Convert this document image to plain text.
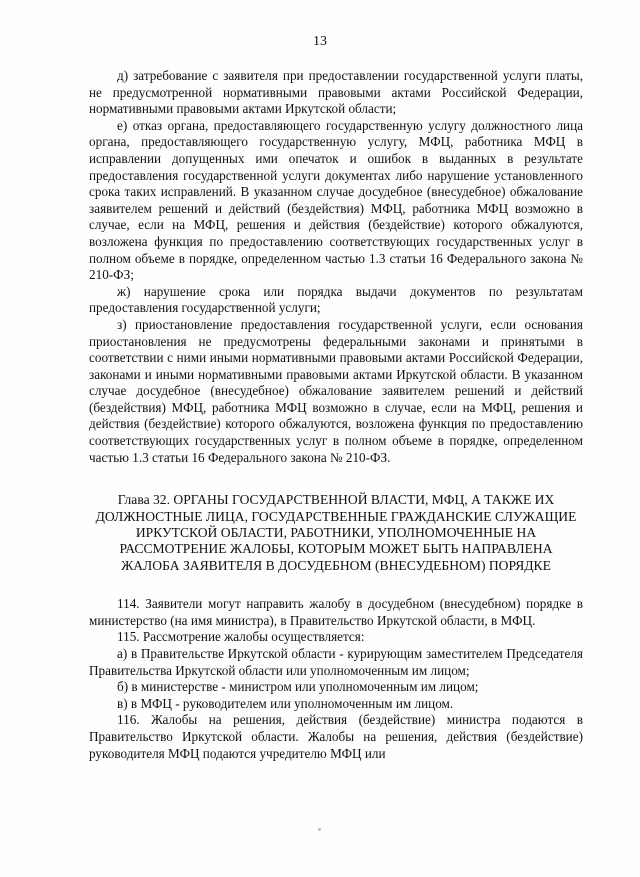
13

д) затребование с заявителя при предоставлении государственной услуги платы, не предусмотренной нормативными правовыми актами Российской Федерации, нормативными правовыми актами Иркутской области;

е) отказ органа, предоставляющего государственную услугу должностного лица органа, предоставляющего государственную услугу, МФЦ, работника МФЦ в исправлении допущенных ими опечаток и ошибок в выданных в результате предоставления государственной услуги документах либо нарушение установленного срока таких исправлений. В указанном случае досудебное (внесудебное) обжалование заявителем решений и действий (бездействия) МФЦ, работника МФЦ возможно в случае, если на МФЦ, решения и действия (бездействие) которого обжалуются, возложена функция по предоставлению соответствующих государственных услуг в полном объеме в порядке, определенном частью 1.3 статьи 16 Федерального закона № 210-ФЗ;

ж) нарушение срока или порядка выдачи документов по результатам предоставления государственной услуги;

з) приостановление предоставления государственной услуги, если основания приостановления не предусмотрены федеральными законами и принятыми в соответствии с ними иными нормативными правовыми актами Российской Федерации, законами и иными нормативными правовыми актами Иркутской области. В указанном случае досудебное (внесудебное) обжалование заявителем решений и действий (бездействия) МФЦ, работника МФЦ возможно в случае, если на МФЦ, решения и действия (бездействие) которого обжалуются, возложена функция по предоставлению соответствующих государственных услуг в полном объеме в порядке, определенном частью 1.3 статьи 16 Федерального закона № 210-ФЗ.

Глава 32. ОРГАНЫ ГОСУДАРСТВЕННОЙ ВЛАСТИ, МФЦ, А ТАКЖЕ ИХ ДОЛЖНОСТНЫЕ ЛИЦА, ГОСУДАРСТВЕННЫЕ ГРАЖДАНСКИЕ СЛУЖАЩИЕ ИРКУТСКОЙ ОБЛАСТИ, РАБОТНИКИ, УПОЛНОМОЧЕННЫЕ НА РАССМОТРЕНИЕ ЖАЛОБЫ, КОТОРЫМ МОЖЕТ БЫТЬ НАПРАВЛЕНА ЖАЛОБА ЗАЯВИТЕЛЯ В ДОСУДЕБНОМ (ВНЕСУДЕБНОМ) ПОРЯДКЕ

114. Заявители могут направить жалобу в досудебном (внесудебном) порядке в министерство (на имя министра), в Правительство Иркутской области, в МФЦ.

115. Рассмотрение жалобы осуществляется:

а) в Правительстве Иркутской области - курирующим заместителем Председателя Правительства Иркутской области или уполномоченным им лицом;

б) в министерстве - министром или уполномоченным им лицом;

в) в МФЦ - руководителем или уполномоченным им лицом.

116. Жалобы на решения, действия (бездействие) министра подаются в Правительство Иркутской области. Жалобы на решения, действия (бездействие) руководителя МФЦ подаются учредителю МФЦ или
